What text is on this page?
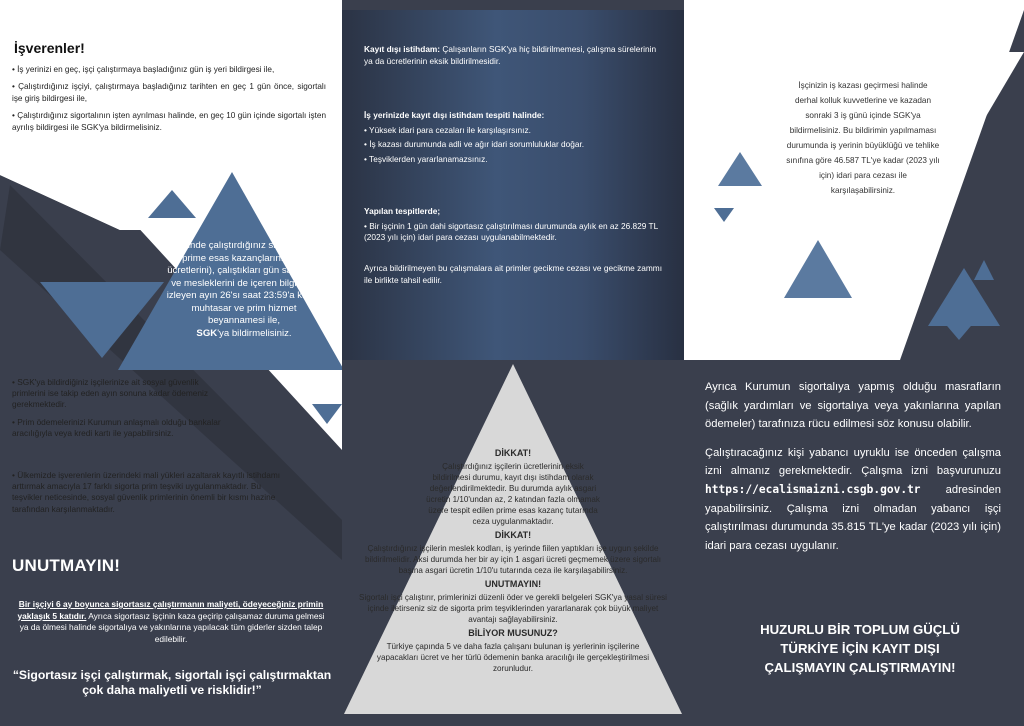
İşverenler!

• İş yerinizi en geç, işçi çalıştırmaya başladığınız gün iş yeri bildirgesi ile,

• Çalıştırdığınız işçiyi, çalıştırmaya başladığınız tarihten en geç 1 gün önce, sigortalı işe giriş bildirgesi ile,

• Çalıştırdığınız sigortalının işten ayrılması halinde, en geç 10 gün içinde sigortalı işten ayrılış bildirgesi ile SGK'ya bildirmelisiniz.

Ay içinde çalıştırdığınız sigortalıların prime esas kazançlarını (brüt ücretlerini), çalıştıkları gün sayılarını ve mesleklerini de içeren bilgilerini izleyen ayın 26'sı saat 23:59'a kadar muhtasar ve prim hizmet beyannamesi ile,
SGK'ya bildirmelisiniz.

• SGK'ya bildirdiğiniz işçilerinize ait sosyal güvenlik primlerini ise takip eden ayın sonuna kadar ödemeniz gerekmektedir.

• Prim ödemelerinizi Kurumun anlaşmalı olduğu bankalar aracılığıyla veya kredi kartı ile yapabilirsiniz.

• Ülkemizde işverenlerin üzerindeki mali yükleri azaltarak kayıtlı istihdamı arttırmak amacıyla 17 farklı sigorta prim teşviki uygulanmaktadır. Bu teşvikler neticesinde, sosyal güvenlik primlerinin önemli bir kısmı hazine tarafından karşılanmaktadır.

UNUTMAYIN!
Bir işçiyi 6 ay boyunca sigortasız çalıştırmanın maliyeti, ödeyeceğiniz primin yaklaşık 5 katıdır. Ayrıca sigortasız işçinin kaza geçirip çalışamaz duruma gelmesi ya da ölmesi halinde sigortalıya ve yakınlarına yapılacak tüm giderler sizden talep edilebilir.
“Sigortasız işçi çalıştırmak, sigortalı işçi çalıştırmaktan çok daha maliyetli ve risklidir!”

Kayıt dışı istihdam: Çalışanların SGK'ya hiç bildirilmemesi, çalışma sürelerinin ya da ücretlerinin eksik bildirilmesidir.

İş yerinizde kayıt dışı istihdam tespiti halinde:

• Yüksek idari para cezaları ile karşılaşırsınız.

• İş kazası durumunda adli ve ağır idari sorumluluklar doğar.

• Teşviklerden yararlanamazsınız.

Yapılan tespitlerde;

• Bir işçinin 1 gün dahi sigortasız çalıştırılması durumunda aylık en az 26.829 TL (2023 yılı için) idari para cezası uygulanabilmektedir.

Ayrıca bildirilmeyen bu çalışmalara ait primler gecikme cezası ve gecikme zammı ile birlikte tahsil edilir.

DİKKAT!

Çalıştırdığınız işçilerin ücretlerinin eksik bildirilmesi durumu, kayıt dışı istihdam olarak değerlendirilmektedir. Bu durumda aylık asgari ücretin 1/10'undan az, 2 katından fazla olmamak üzere tespit edilen prime esas kazanç tutarında ceza uygulanmaktadır.

DİKKAT!

Çalıştırdığınız işçilerin meslek kodları, iş yerinde fiilen yaptıkları işe uygun şekilde bildirilmelidir. Aksi durumda her bir ay için 1 asgari ücreti geçmemek üzere sigortalı başına asgari ücretin 1/10'u tutarında ceza ile karşılaşabilirsiniz.

UNUTMAYIN!

Sigortalı işçi çalıştırır, primlerinizi düzenli öder ve gerekli belgeleri SGK'ya yasal süresi içinde iletirseniz siz de sigorta prim teşviklerinden yararlanarak çok büyük maliyet avantajı sağlayabilirsiniz.

BİLİYOR MUSUNUZ?

Türkiye çapında 5 ve daha fazla çalışanı bulunan iş yerlerinin işçilerine yapacakları ücret ve her türlü ödemenin banka aracılığı ile gerçekleştirilmesi zorunludur.

İşçinizin iş kazası geçirmesi halinde derhal kolluk kuvvetlerine ve kazadan sonraki 3 iş günü içinde SGK'ya bildirmelisiniz. Bu bildirimin yapılmaması durumunda iş yerinin büyüklüğü ve tehlike sınıfına göre 46.587 TL'ye kadar (2023 yılı için) idari para cezası ile karşılaşabilirsiniz.

Ayrıca Kurumun sigortalıya yapmış olduğu masrafların (sağlık yardımları ve sigortalıya veya yakınlarına yapılan ödemeler) tarafınıza rücu edilmesi söz konusu olabilir.

Çalıştıracağınız kişi yabancı uyruklu ise önceden çalışma izni almanız gerekmektedir. Çalışma izni başvurunuzu https://ecalismaizni.csgb.gov.tr adresinden yapabilirsiniz. Çalışma izni olmadan yabancı işçi çalıştırılması durumunda 35.815 TL'ye kadar (2023 yılı için) idari para cezası uygulanır.

HUZURLU BİR TOPLUM GÜÇLÜ TÜRKİYE İÇİN KAYIT DIŞI ÇALIŞMAYIN ÇALIŞTIRMAYIN!
